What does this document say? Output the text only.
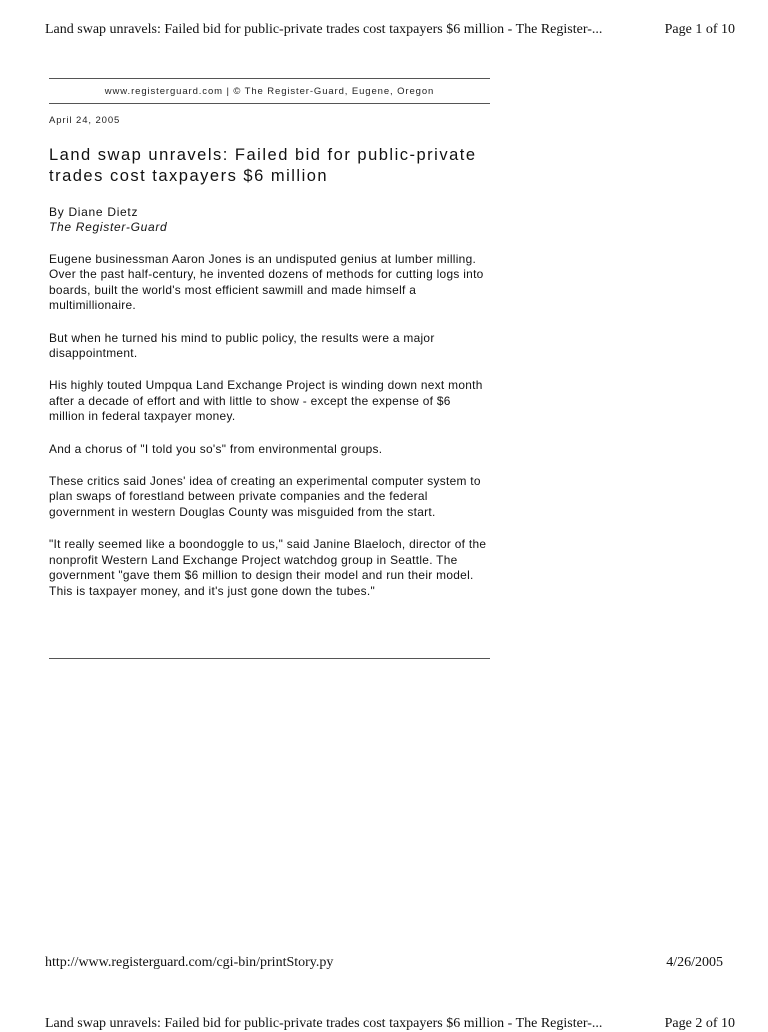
Land swap unravels: Failed bid for public-private trades cost taxpayers $6 million - The Register-...	Page 1 of 10
www.registerguard.com | © The Register-Guard, Eugene, Oregon
April 24, 2005
Land swap unravels: Failed bid for public-private trades cost taxpayers $6 million
By Diane Dietz
The Register-Guard

Eugene businessman Aaron Jones is an undisputed genius at lumber milling. Over the past half-century, he invented dozens of methods for cutting logs into boards, built the world's most efficient sawmill and made himself a multimillionaire.

But when he turned his mind to public policy, the results were a major disappointment.

His highly touted Umpqua Land Exchange Project is winding down next month after a decade of effort and with little to show - except the expense of $6 million in federal taxpayer money.

And a chorus of "I told you so's" from environmental groups.

These critics said Jones' idea of creating an experimental computer system to plan swaps of forestland between private companies and the federal government in western Douglas County was misguided from the start.

"It really seemed like a boondoggle to us," said Janine Blaeloch, director of the nonprofit Western Land Exchange Project watchdog group in Seattle. The government "gave them $6 million to design their model and run their model. This is taxpayer money, and it's just gone down the tubes."

http://www.registerguard.com/cgi-bin/printStory.py	4/26/2005
Land swap unravels: Failed bid for public-private trades cost taxpayers $6 million - The Register-...	Page 2 of 10
